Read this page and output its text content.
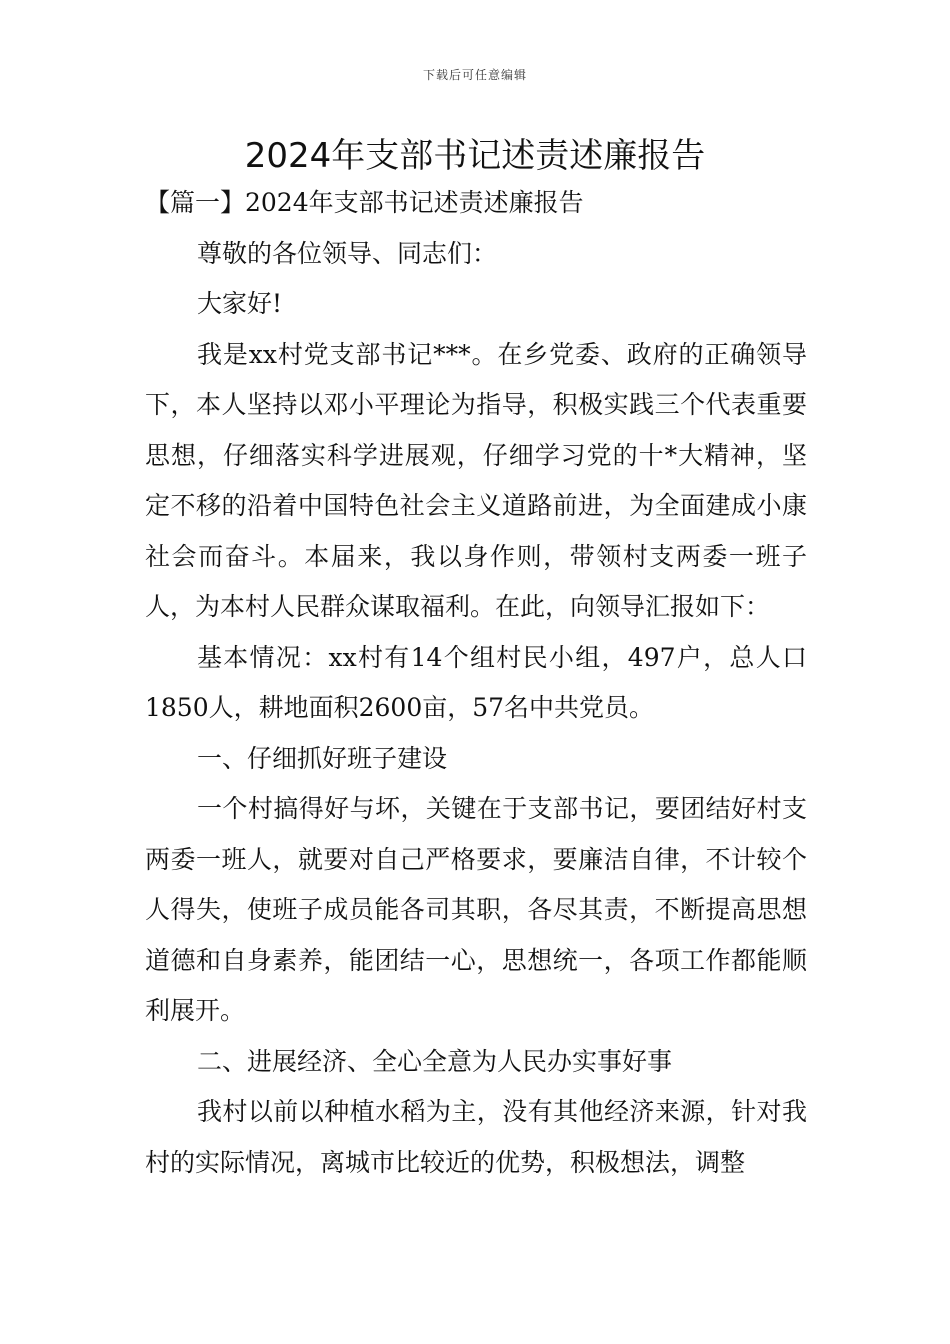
下载后可任意编辑
2024年支部书记述责述廉报告

【篇一】2024年支部书记述责述廉报告

尊敬的各位领导、同志们：

大家好!

我是xx村党支部书记***。在乡党委、政府的正确领导下，本人坚持以邓小平理论为指导，积极实践三个代表重要思想，仔细落实科学进展观，仔细学习党的十*大精神，坚定不移的沿着中国特色社会主义道路前进，为全面建成小康社会而奋斗。本届来，我以身作则，带领村支两委一班子人，为本村人民群众谋取福利。在此，向领导汇报如下：

基本情况：xx村有14个组村民小组，497户，总人口1850人，耕地面积2600亩，57名中共党员。

一、仔细抓好班子建设

一个村搞得好与坏，关键在于支部书记，要团结好村支两委一班人，就要对自己严格要求，要廉洁自律，不计较个人得失，使班子成员能各司其职，各尽其责，不断提高思想道德和自身素养，能团结一心，思想统一，各项工作都能顺利展开。

二、进展经济、全心全意为人民办实事好事

我村以前以种植水稻为主，没有其他经济来源，针对我村的实际情况，离城市比较近的优势，积极想法，调整
